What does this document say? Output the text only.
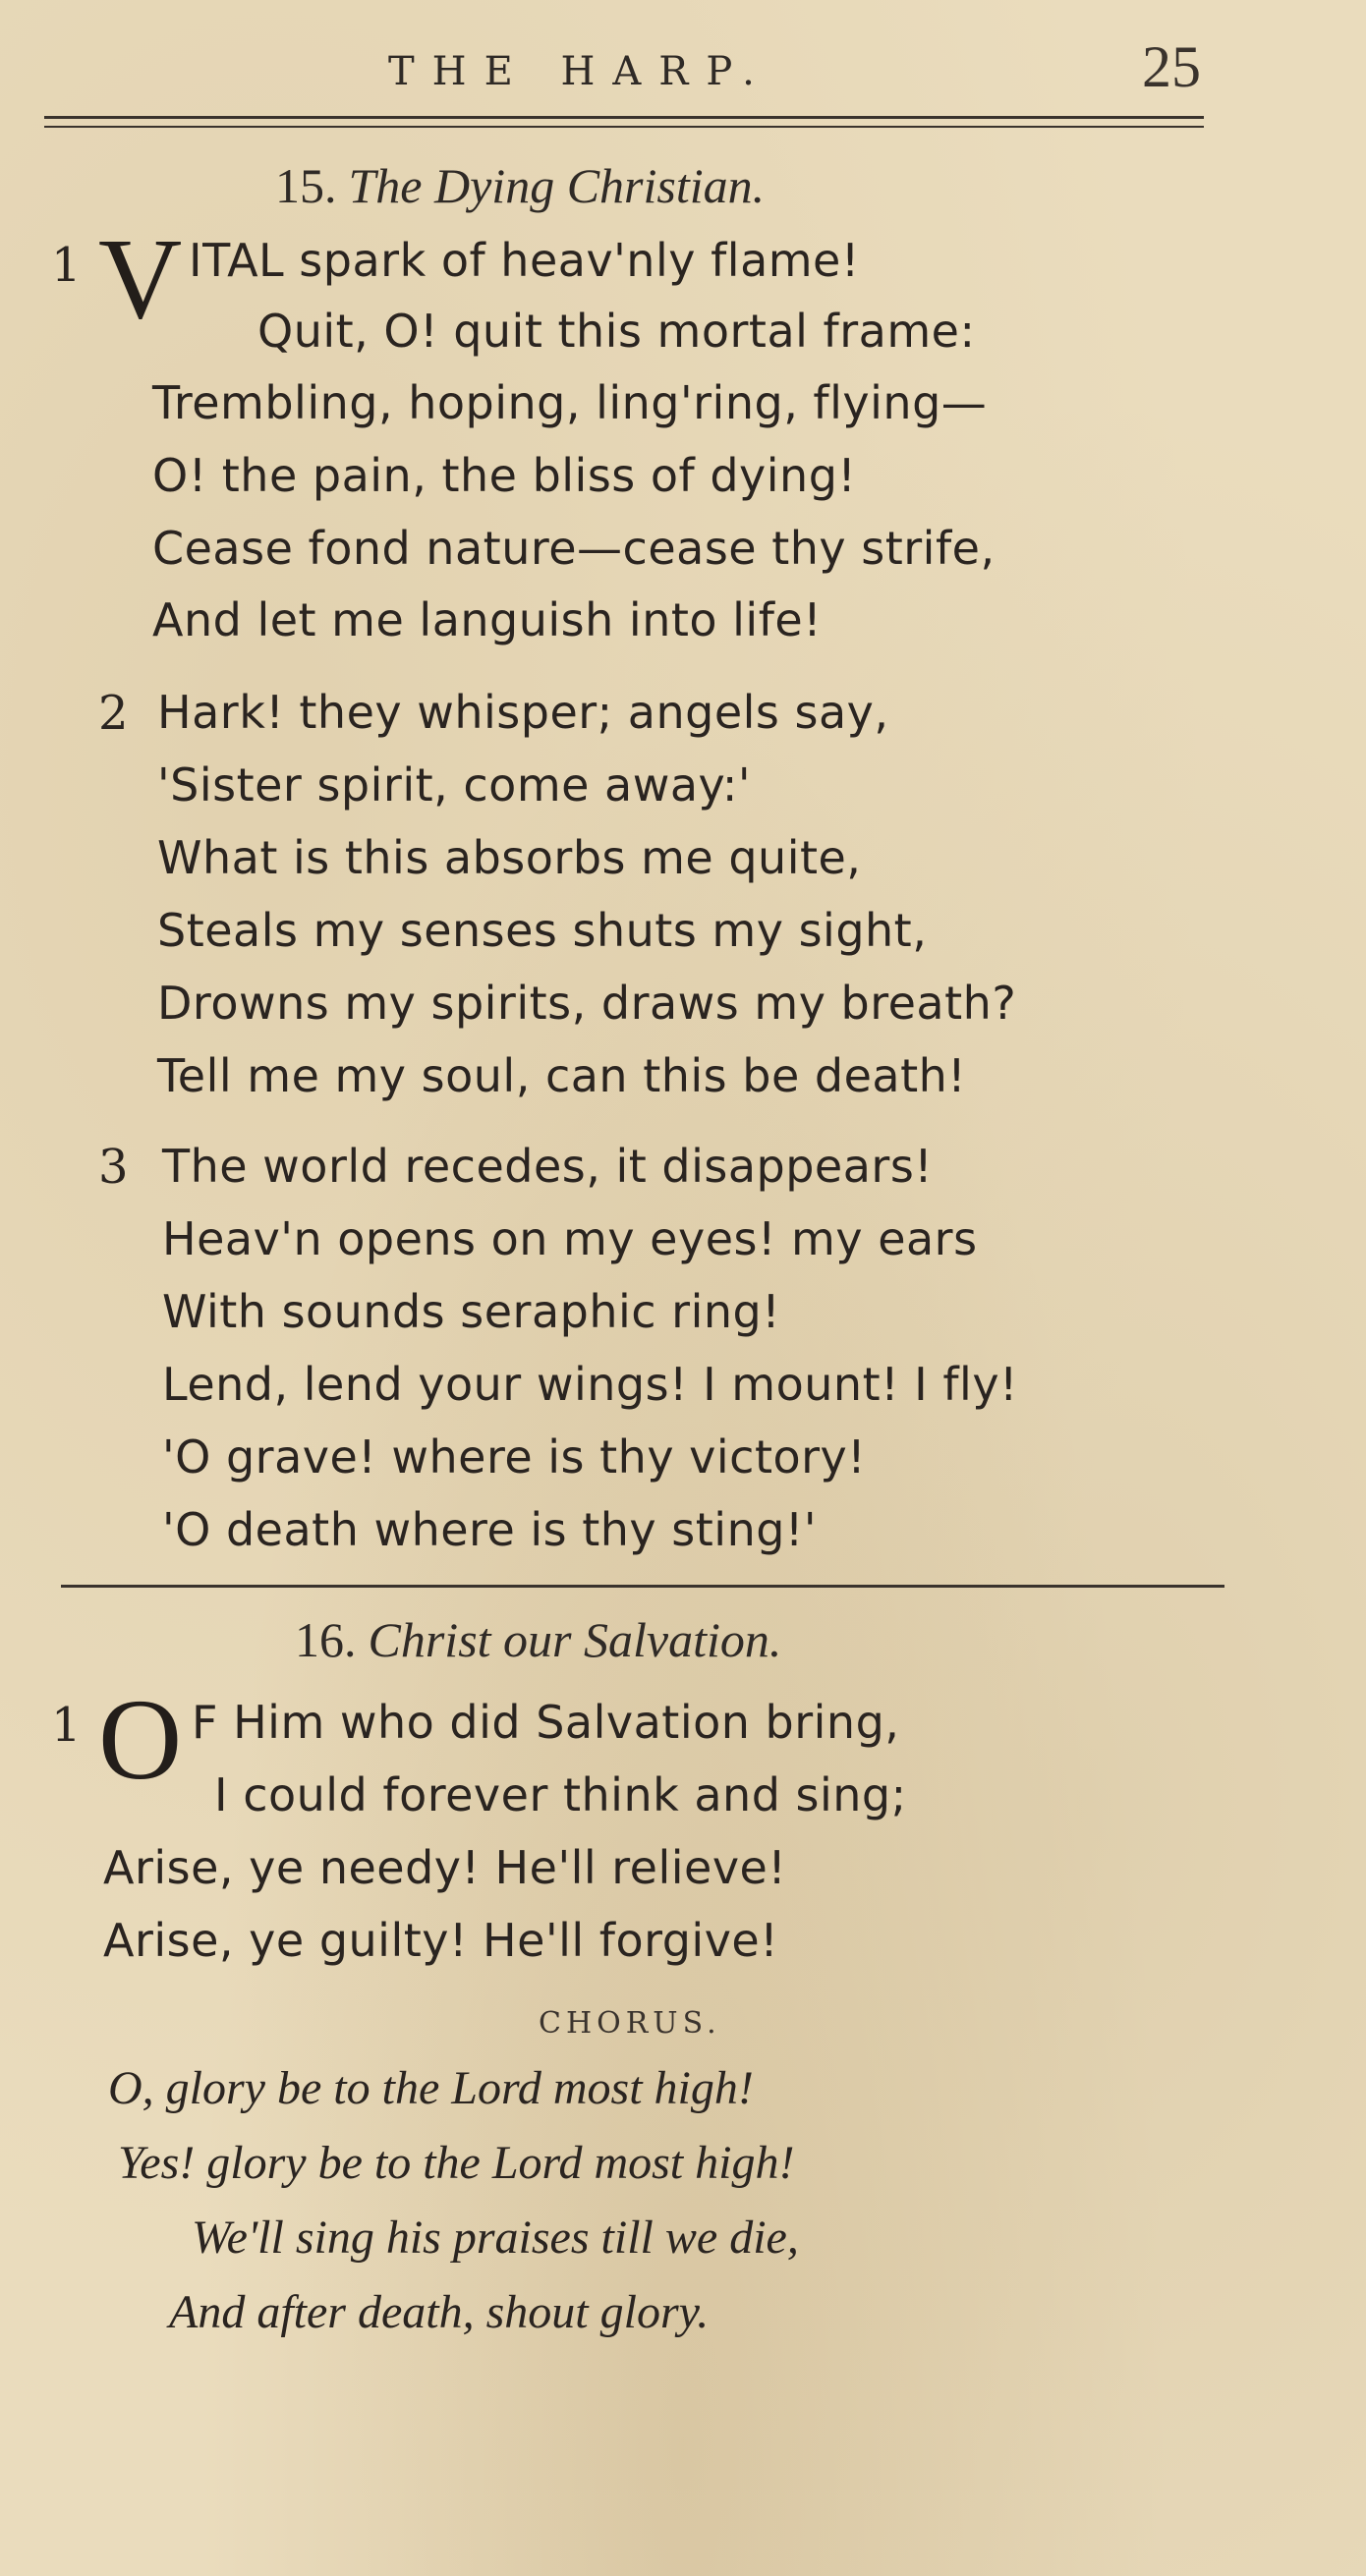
THE HARP.	25
15. The Dying Christian.
1 V ITAL spark of heav'nly flame!
Quit, O! quit this mortal frame:
Trembling, hoping, ling'ring, flying—
O! the pain, the bliss of dying!
Cease fond nature—cease thy strife,
And let me languish into life!
2 Hark! they whisper; angels say,
'Sister spirit, come away:'
What is this absorbs me quite,
Steals my senses shuts my sight,
Drowns my spirits, draws my breath?
Tell me my soul, can this be death!
3 The world recedes, it disappears!
Heav'n opens on my eyes! my ears
With sounds seraphic ring!
Lend, lend your wings! I mount! I fly!
'O grave! where is thy victory!
'O death where is thy sting!'
16. Christ our Salvation.
1 O F Him who did Salvation bring,
I could forever think and sing;
Arise, ye needy! He'll relieve!
Arise, ye guilty! He'll forgive!
CHORUS.
O, glory be to the Lord most high!
Yes! glory be to the Lord most high!
We'll sing his praises till we die,
And after death, shout glory.
